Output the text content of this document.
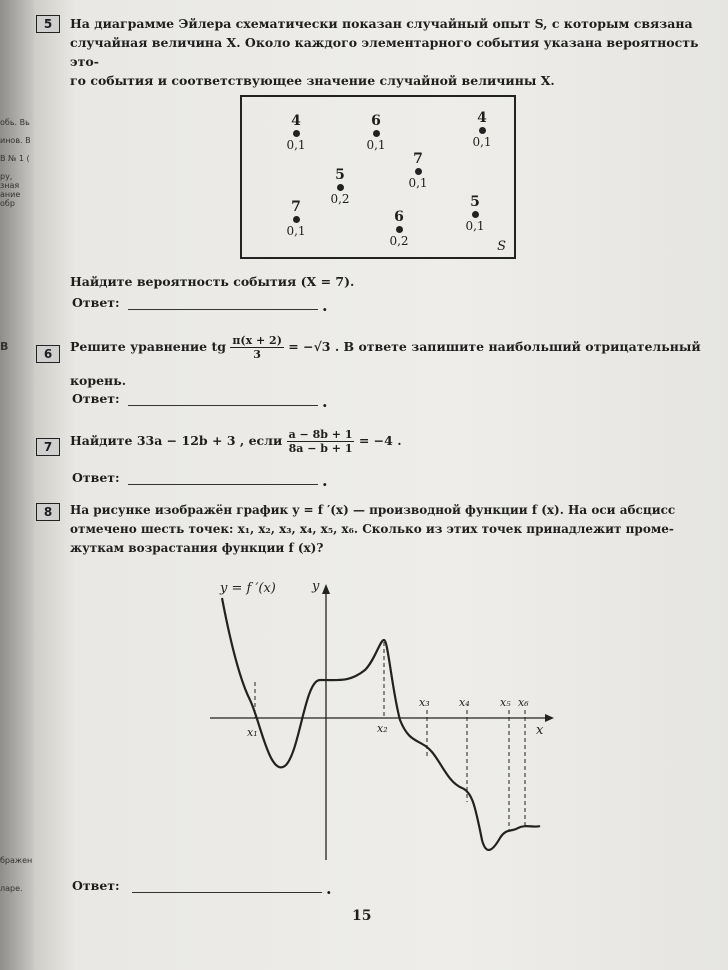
обь. Вь
инов. В
В № 1 (
ру, зная
ание обр
В
бражен
ларе.
5	На диаграмме Эйлера схематически показан случайный опыт S, с которым связана
случайная величина X. Около каждого элементарного события указана вероятность это-
го события и соответствующее значение случайной величины X.
4
0,1
6
0,1
4
0,1
5
0,2
7
0,1
7
0,1
6
0,2
5
0,1
S
Найдите вероятность события (X = 7).
Ответ:	.
6	Решите уравнение tg $\frac{\pi(x + 2)}{3} = -√3$ . В ответе запишите наибольший отрицательный
корень.
Ответ:	.
7	Найдите 33a − 12b + 3 , если $\frac{a - 8b + 1}{8a - b + 1} = -4$ .
Ответ:	.
8	На рисунке изображён график y = f ′(x) — производной функции f (x). На оси абсцисс
отмечено шесть точек: x₁, x₂, x₃, x₄, x₅, x₆. Сколько из этих точек принадлежит проме-
жуткам возрастания функции f (x)?
y = f ′(x)	y
x
x₁	x₂
x₃	x₄	x₅ x₆
Ответ:	.
15
